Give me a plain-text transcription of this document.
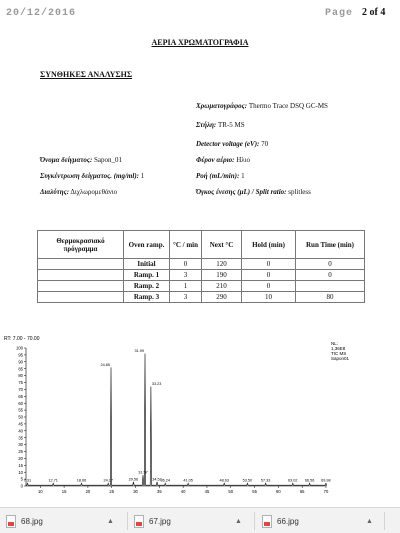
20/12/2016	Page 2 of 4
ΑΕΡΙΑ ΧΡΩΜΑΤΟΓΡΑΦΙΑ
ΣΥΝΘΗΚΕΣ ΑΝΑΛΥΣΗΣ
Χρωματογράφος: Thermo Trace DSQ GC-MS
Στήλη: TR-5 MS
Detector voltage (eV): 70
Όνομα δείγματος: Sapon_01	Φέρον αέριο: Ηλιο
Συγκέντρωση δείγματος. (mg/ml): 1	Ροή (mL/min): 1
Διαλύτης: Διχλωρομεθάνιο	Όγκος ένεσης (μL) / Split ratio: splitless
Θερμοκρασιακό πρόγραμμα	Oven ramp.	°C / min	Next °C	Hold (min)	Run Time (min)
	Initial	0	120	0	0
	Ramp. 1	3	190	0	0
	Ramp. 2	1	210	0	
	Ramp. 3	3	290	10	80
RT: 7.00 - 70.00
NL:
1,36E8
TIC MS
Sapon01
0
5
10
15
20
25
30
35
40
45
50
55
60
65
70
75
80
85
90
95
100
10	15	20	25	30	35	40	45	50	55	60	65	70
7.31	12.71	18.66	24.27
24.85
29.56
31.57
31.99
33.23
34.52
36.24	41.05	48.63	53.50 57.33	63.02 66.56 69.98
68.jpg	▲	67.jpg	▲	66.jpg	▲
